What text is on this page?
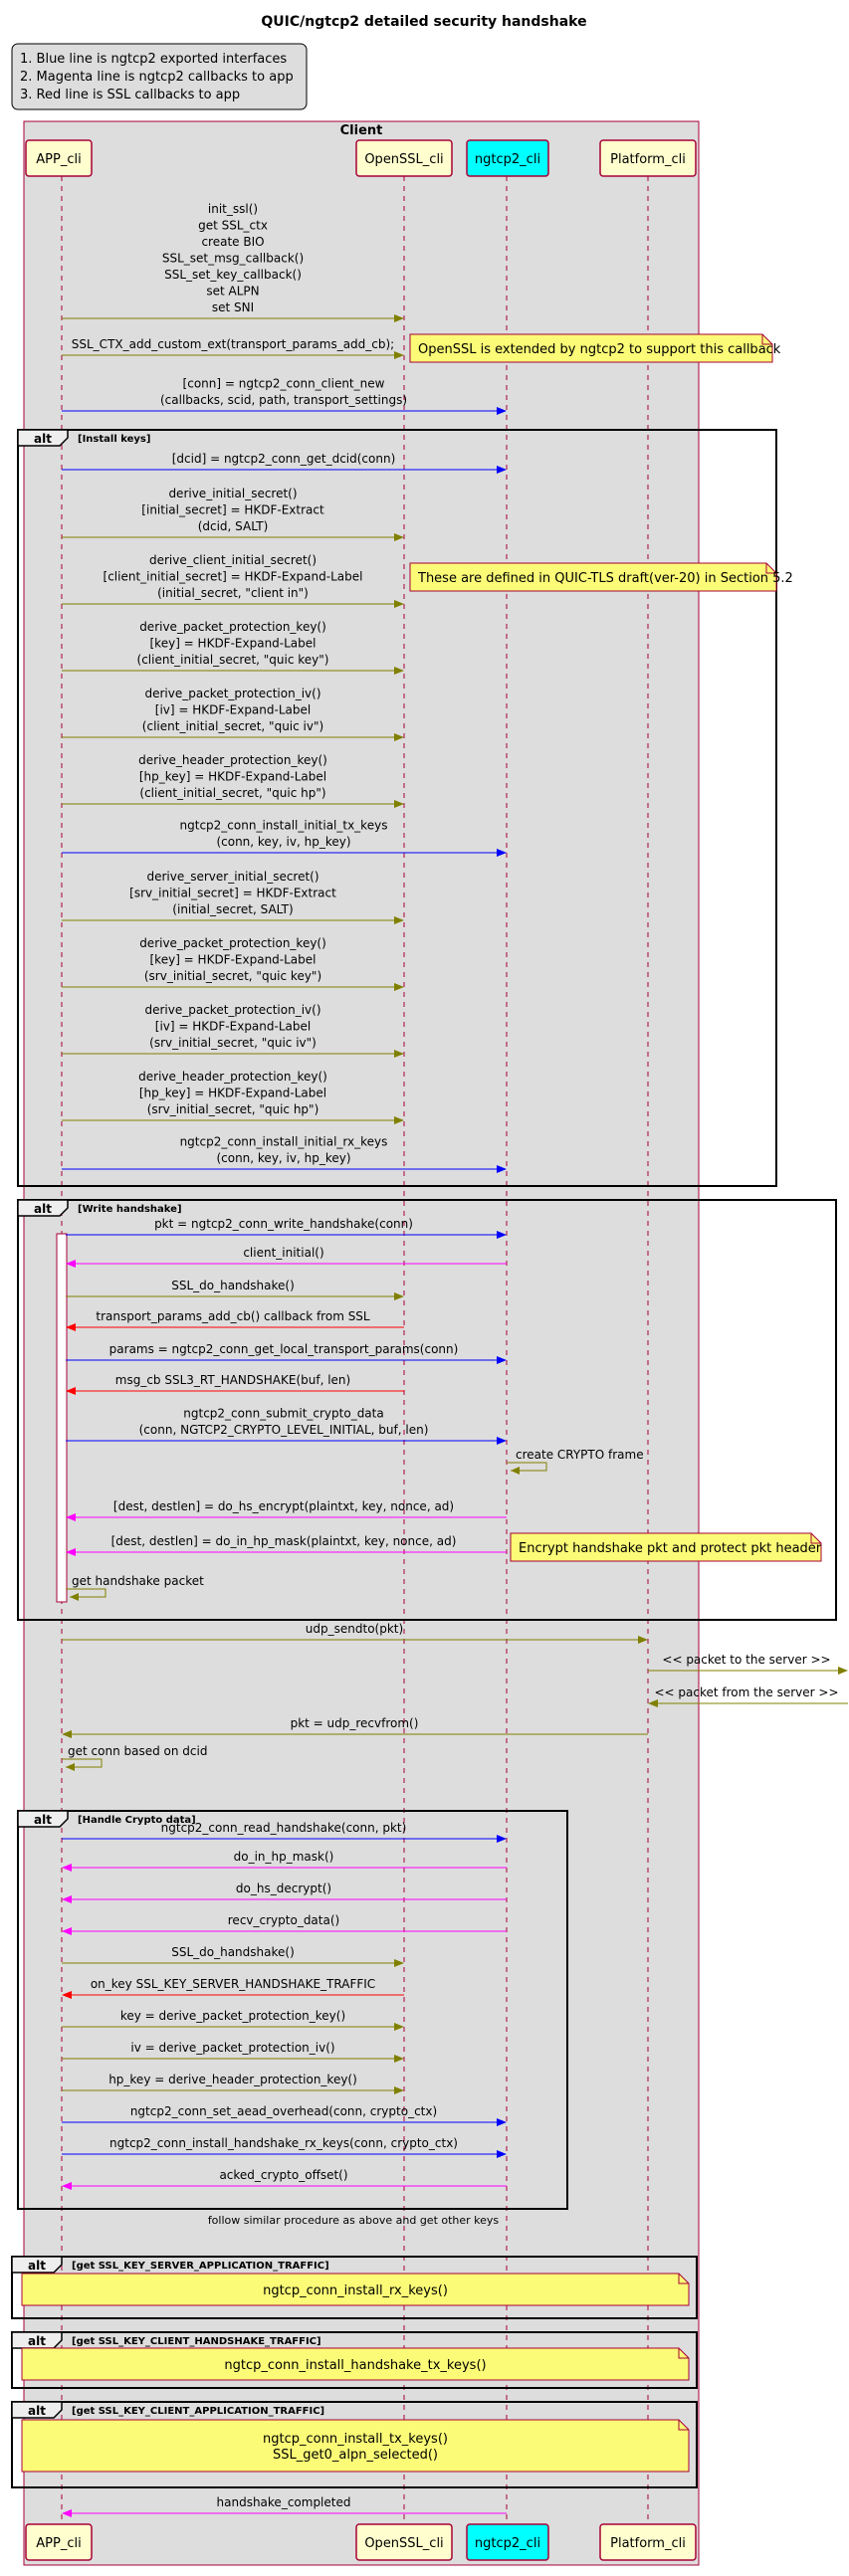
QUIC/ngtcp2 detailed security handshake
1. Blue line is ngtcp2 exported interfaces
2. Magenta line is ngtcp2 callbacks to app
3. Red line is SSL callbacks to app
Client
APP_cli	OpenSSL_cli ngtcp2_cli	Platform_cli
APP_cli	OpenSSL_cli ngtcp2_cli	Platform_cli
alt	[Install keys]
alt	[Write handshake]
alt	[Handle Crypto data]
alt	[get SSL_KEY_SERVER_APPLICATION_TRAFFIC]
alt	[get SSL_KEY_CLIENT_HANDSHAKE_TRAFFIC]
alt	[get SSL_KEY_CLIENT_APPLICATION_TRAFFIC]
follow similar procedure as above and get other keys
init_ssl()
get SSL_ctx
create BIO
SSL_set_msg_callback()
SSL_set_key_callback()
set ALPN
set SNI
SSL_CTX_add_custom_ext(transport_params_add_cb);
[conn] = ngtcp2_conn_client_new
(callbacks, scid, path, transport_settings)
[dcid] = ngtcp2_conn_get_dcid(conn)
derive_initial_secret()
[initial_secret] = HKDF-Extract
(dcid, SALT)
derive_client_initial_secret()
[client_initial_secret] = HKDF-Expand-Label
(initial_secret, "client in")
derive_packet_protection_key()
[key] = HKDF-Expand-Label
(client_initial_secret, "quic key")
derive_packet_protection_iv()
[iv] = HKDF-Expand-Label
(client_initial_secret, "quic iv")
derive_header_protection_key()
[hp_key] = HKDF-Expand-Label
(client_initial_secret, "quic hp")
ngtcp2_conn_install_initial_tx_keys
(conn, key, iv, hp_key)
derive_server_initial_secret()
[srv_initial_secret] = HKDF-Extract
(initial_secret, SALT)
derive_packet_protection_key()
[key] = HKDF-Expand-Label
(srv_initial_secret, "quic key")
derive_packet_protection_iv()
[iv] = HKDF-Expand-Label
(srv_initial_secret, "quic iv")
derive_header_protection_key()
[hp_key] = HKDF-Expand-Label
(srv_initial_secret, "quic hp")
ngtcp2_conn_install_initial_rx_keys
(conn, key, iv, hp_key)
pkt = ngtcp2_conn_write_handshake(conn)
client_initial()
SSL_do_handshake()
transport_params_add_cb() callback from SSL
params = ngtcp2_conn_get_local_transport_params(conn)
msg_cb SSL3_RT_HANDSHAKE(buf, len)
ngtcp2_conn_submit_crypto_data
(conn, NGTCP2_CRYPTO_LEVEL_INITIAL, buf, len)
create CRYPTO frame
[dest, destlen] = do_hs_encrypt(plaintxt, key, nonce, ad)
[dest, destlen] = do_in_hp_mask(plaintxt, key, nonce, ad)
get handshake packet
udp_sendto(pkt)
<< packet to the server >>
<< packet from the server >>
pkt = udp_recvfrom()
get conn based on dcid
ngtcp2_conn_read_handshake(conn, pkt)
do_in_hp_mask()
do_hs_decrypt()
recv_crypto_data()
SSL_do_handshake()
on_key SSL_KEY_SERVER_HANDSHAKE_TRAFFIC
key = derive_packet_protection_key()
iv = derive_packet_protection_iv()
hp_key = derive_header_protection_key()
ngtcp2_conn_set_aead_overhead(conn, crypto_ctx)
ngtcp2_conn_install_handshake_rx_keys(conn, crypto_ctx)
acked_crypto_offset()
handshake_completed
OpenSSL is extended by ngtcp2 to support this callback
These are defined in QUIC-TLS draft(ver-20) in Section 5.2
Encrypt handshake pkt and protect pkt header
ngtcp_conn_install_rx_keys()
ngtcp_conn_install_handshake_tx_keys()
ngtcp_conn_install_tx_keys()
SSL_get0_alpn_selected()
